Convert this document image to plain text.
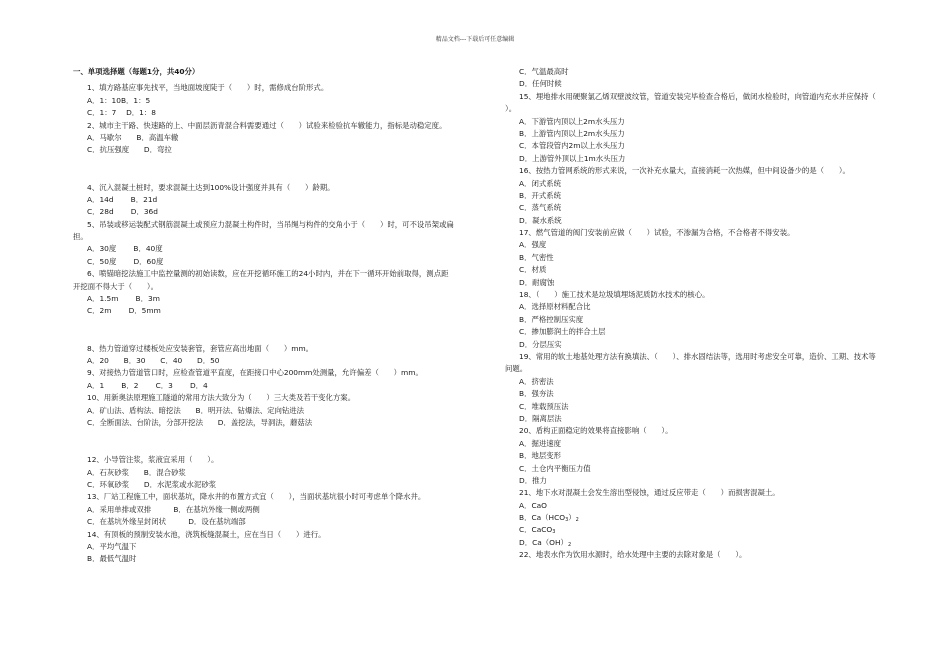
精品文档---下载后可任意编辑
一、单项选择题（每题1分，共40分）
1、填方路基应事先找平，当地面坡度陡于（　　）时，需修成台阶形式。
A．1：10B．1：5
C．1：7　 D．1：8
2、城市主干路、快速路的上、中面层沥青混合料需要通过（　　）试验来检验抗车辙能力，指标是动稳定度。
A．马歇尔　　B．高温车辙
C．抗压强度　　D．弯拉
4、沉入混凝土桩时，要求混凝土达到100%设计强度并具有（　　）龄期。
A．14d　　 B．21d
C．28d　　 D．36d
5、吊装或移运装配式钢筋混凝土或预应力混凝土构件时，当吊绳与构件的交角小于（　　）时，可不设吊架或扁
担。
A．30度　　 B．40度
C．50度　　 D．60度
6、喷锚暗挖法施工中监控量测的初始读数，应在开挖循环施工的24小时内，并在下一循环开始前取得，测点距
开挖面不得大于（　　）。
A．1.5m　　 B．3m
C．2m　　 D．5mm
8、热力管道穿过楼板处应安装套管，套管应高出地面（　　）mm。
A．20　　B．30　　C．40　　D．50
9、对接热力管道管口时，应检查管道平直度，在距接口中心200mm处测量，允许偏差（　　）mm。
A．1　　 B．2　　 C．3　　 D．4
10、用新奥法原理施工隧道的常用方法大致分为（　　）三大类及若干变化方案。
A．矿山法、盾构法、暗挖法　　B．明开法、钻爆法、定向钻进法
C．全断面法、台阶法，分部开挖法　　D．盖挖法，导洞法，蘑菇法
12、小导管注浆，浆液宜采用（　　）。
A．石灰砂浆　　B．混合砂浆
C．环氧砂浆　　D．水泥浆或水泥砂浆
13、厂站工程施工中，面状基坑，降水井的布置方式宜（　　），当面状基坑很小时可考虑单个降水井。
A．采用单排或双排　　　B．在基坑外缘一侧或两侧
C．在基坑外缘呈封闭状　　　D．设在基坑端部
14、有顶板的预制安装水池，浇筑板缝混凝土，应在当日（　　）进行。
A．平均气温下
B．最低气温时
C．气温最高时
D．任何时候
15、埋地排水用硬聚氯乙烯双壁波纹管，管道安装完毕检查合格后，做闭水检验时，向管道内充水并应保持（
）。
A．下游管内顶以上2m水头压力
B．上游管内顶以上2m水头压力
C．本管段管内2m以上水头压力
D．上游管外顶以上1m水头压力
16、按热力管网系统的形式来说，一次补充水量大，直接消耗一次热媒，但中间设备少的是（　　）。
A．闭式系统
B．开式系统
C．蒸气系统
D．凝水系统
17、燃气管道的阀门安装前应做（　　）试验，不渗漏为合格，不合格者不得安装。
A．强度
B．气密性
C．材质
D．耐腐蚀
18、（　　）施工技术是垃圾填埋场泥质防水技术的核心。
A．选择原材料配合比
B．严格控制压实度
C．掺加膨润土的拌合土层
D．分层压实
19、常用的软土地基处理方法有换填法、（　　）、排水固结法等，选用时考虑安全可靠，造价、工期、技术等
问题。
A．挤密法
B．强夯法
C．堆载预压法
D．隔离层法
20、盾构正面稳定的效果将直接影响（　　）。
A．掘进速度
B．地层变形
C．土仓内平衡压力值
D．推力
21、地下水对混凝土会发生溶出型侵蚀，通过反应带走（　　）而损害混凝土。
A．CaO
B．$Ca(HCO_3)_2$
C．CaCO$_3$
D．$Ca(OH)_2$
22、地表水作为饮用水源时，给水处理中主要的去除对象是（　　）。
